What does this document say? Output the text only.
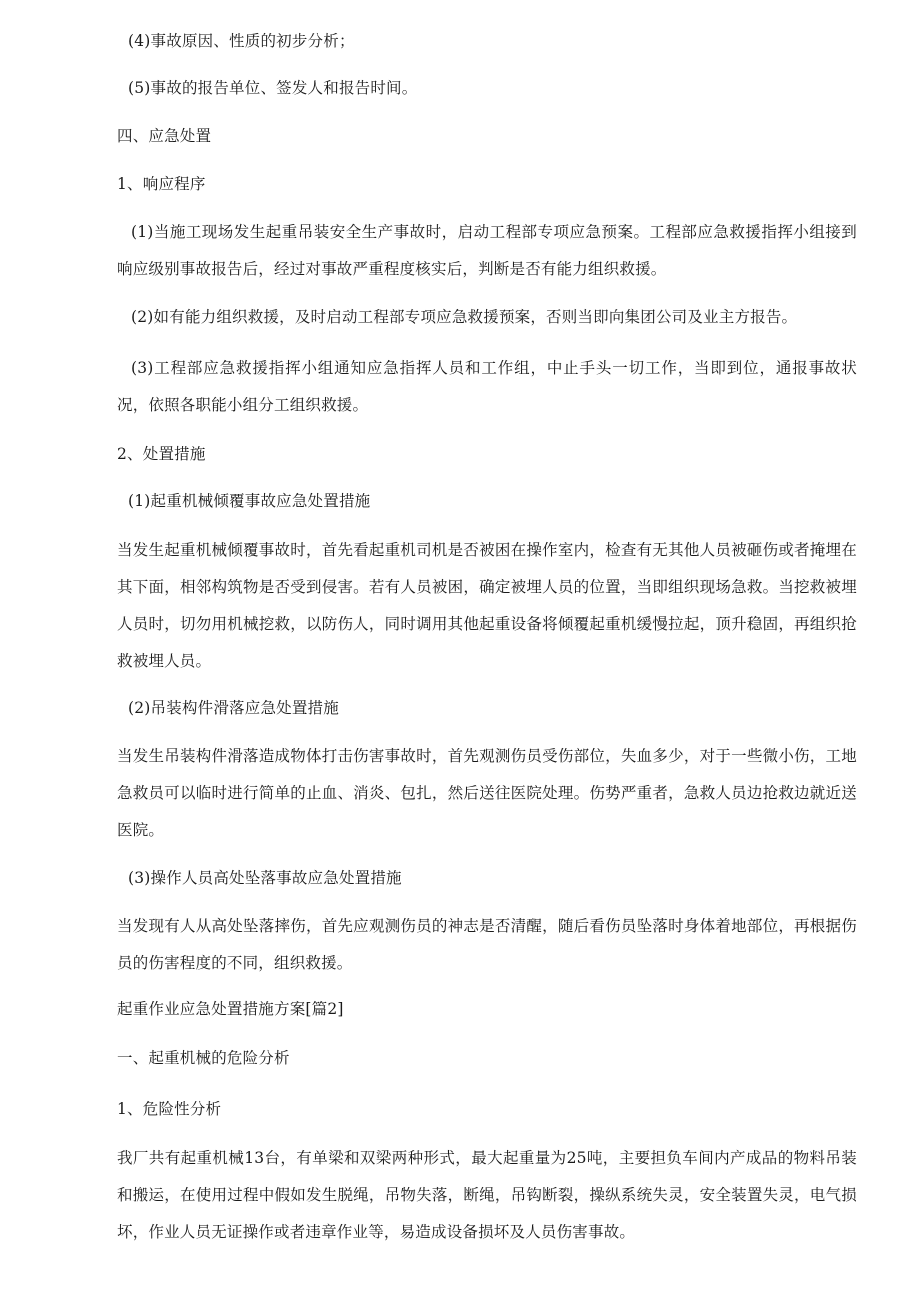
(4)事故原因、性质的初步分析；
(5)事故的报告单位、签发人和报告时间。
四、应急处置
1、响应程序
(1)当施工现场发生起重吊装安全生产事故时，启动工程部专项应急预案。工程部应急救援指挥小组接到响应级别事故报告后，经过对事故严重程度核实后，判断是否有能力组织救援。
(2)如有能力组织救援，及时启动工程部专项应急救援预案，否则当即向集团公司及业主方报告。
(3)工程部应急救援指挥小组通知应急指挥人员和工作组，中止手头一切工作，当即到位，通报事故状况，依照各职能小组分工组织救援。
2、处置措施
(1)起重机械倾覆事故应急处置措施
当发生起重机械倾覆事故时，首先看起重机司机是否被困在操作室内，检查有无其他人员被砸伤或者掩埋在其下面，相邻构筑物是否受到侵害。若有人员被困，确定被埋人员的位置，当即组织现场急救。当挖救被埋人员时，切勿用机械挖救，以防伤人，同时调用其他起重设备将倾覆起重机缓慢拉起，顶升稳固，再组织抢救被埋人员。
(2)吊装构件滑落应急处置措施
当发生吊装构件滑落造成物体打击伤害事故时，首先观测伤员受伤部位，失血多少，对于一些微小伤，工地急救员可以临时进行简单的止血、消炎、包扎，然后送往医院处理。伤势严重者，急救人员边抢救边就近送医院。
(3)操作人员高处坠落事故应急处置措施
当发现有人从高处坠落摔伤，首先应观测伤员的神志是否清醒，随后看伤员坠落时身体着地部位，再根据伤员的伤害程度的不同，组织救援。
起重作业应急处置措施方案[篇2]
一、起重机械的危险分析
1、危险性分析
我厂共有起重机械13台，有单梁和双梁两种形式，最大起重量为25吨，主要担负车间内产成品的物料吊装和搬运，在使用过程中假如发生脱绳，吊物失落，断绳，吊钩断裂，操纵系统失灵，安全装置失灵，电气损坏，作业人员无证操作或者违章作业等，易造成设备损坏及人员伤害事故。
